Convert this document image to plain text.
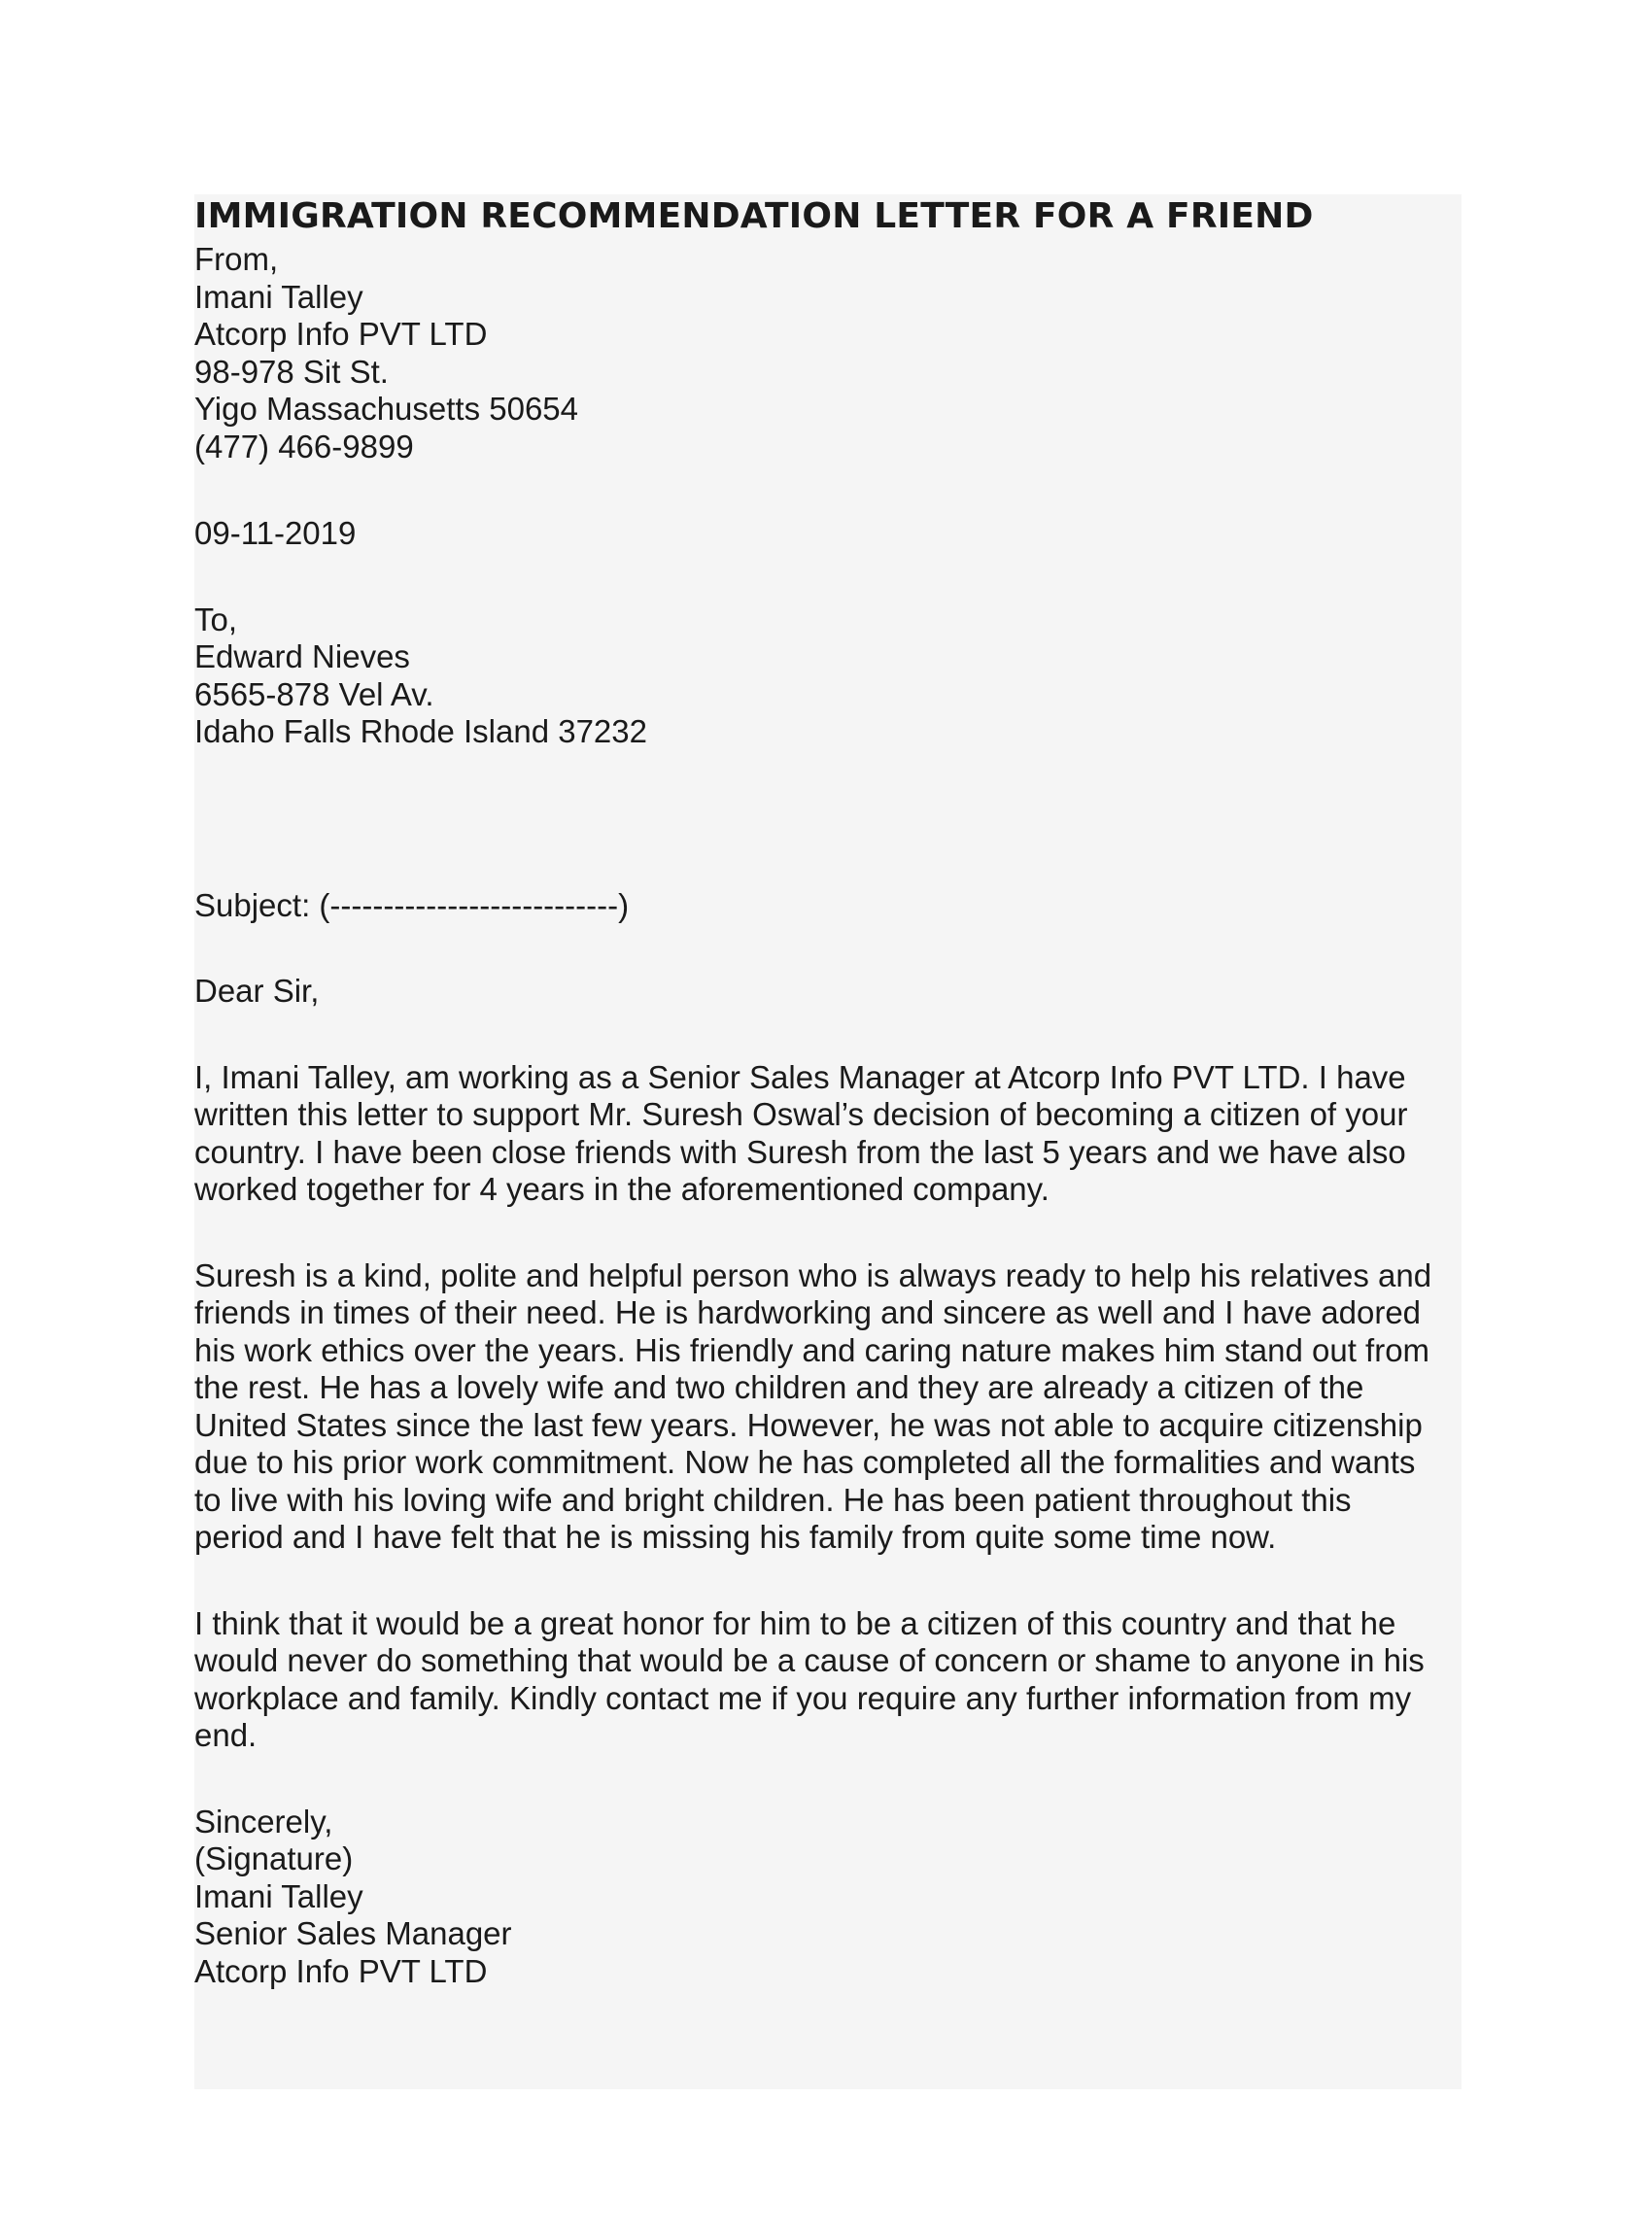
IMMIGRATION RECOMMENDATION LETTER FOR A FRIEND
From,
Imani Talley
Atcorp Info PVT LTD
98-978 Sit St.
Yigo Massachusetts 50654
(477) 466-9899
09-11-2019
To,
Edward Nieves
6565-878 Vel Av.
Idaho Falls Rhode Island 37232
Subject: (---------------------------)
Dear Sir,
I, Imani Talley, am working as a Senior Sales Manager at Atcorp Info PVT LTD. I have
written this letter to support Mr. Suresh Oswal’s decision of becoming a citizen of your
country. I have been close friends with Suresh from the last 5 years and we have also
worked together for 4 years in the aforementioned company.
Suresh is a kind, polite and helpful person who is always ready to help his relatives and
friends in times of their need. He is hardworking and sincere as well and I have adored
his work ethics over the years. His friendly and caring nature makes him stand out from
the rest. He has a lovely wife and two children and they are already a citizen of the
United States since the last few years. However, he was not able to acquire citizenship
due to his prior work commitment. Now he has completed all the formalities and wants
to live with his loving wife and bright children. He has been patient throughout this
period and I have felt that he is missing his family from quite some time now.
I think that it would be a great honor for him to be a citizen of this country and that he
would never do something that would be a cause of concern or shame to anyone in his
workplace and family. Kindly contact me if you require any further information from my
end.
Sincerely,
(Signature)
Imani Talley
Senior Sales Manager
Atcorp Info PVT LTD
